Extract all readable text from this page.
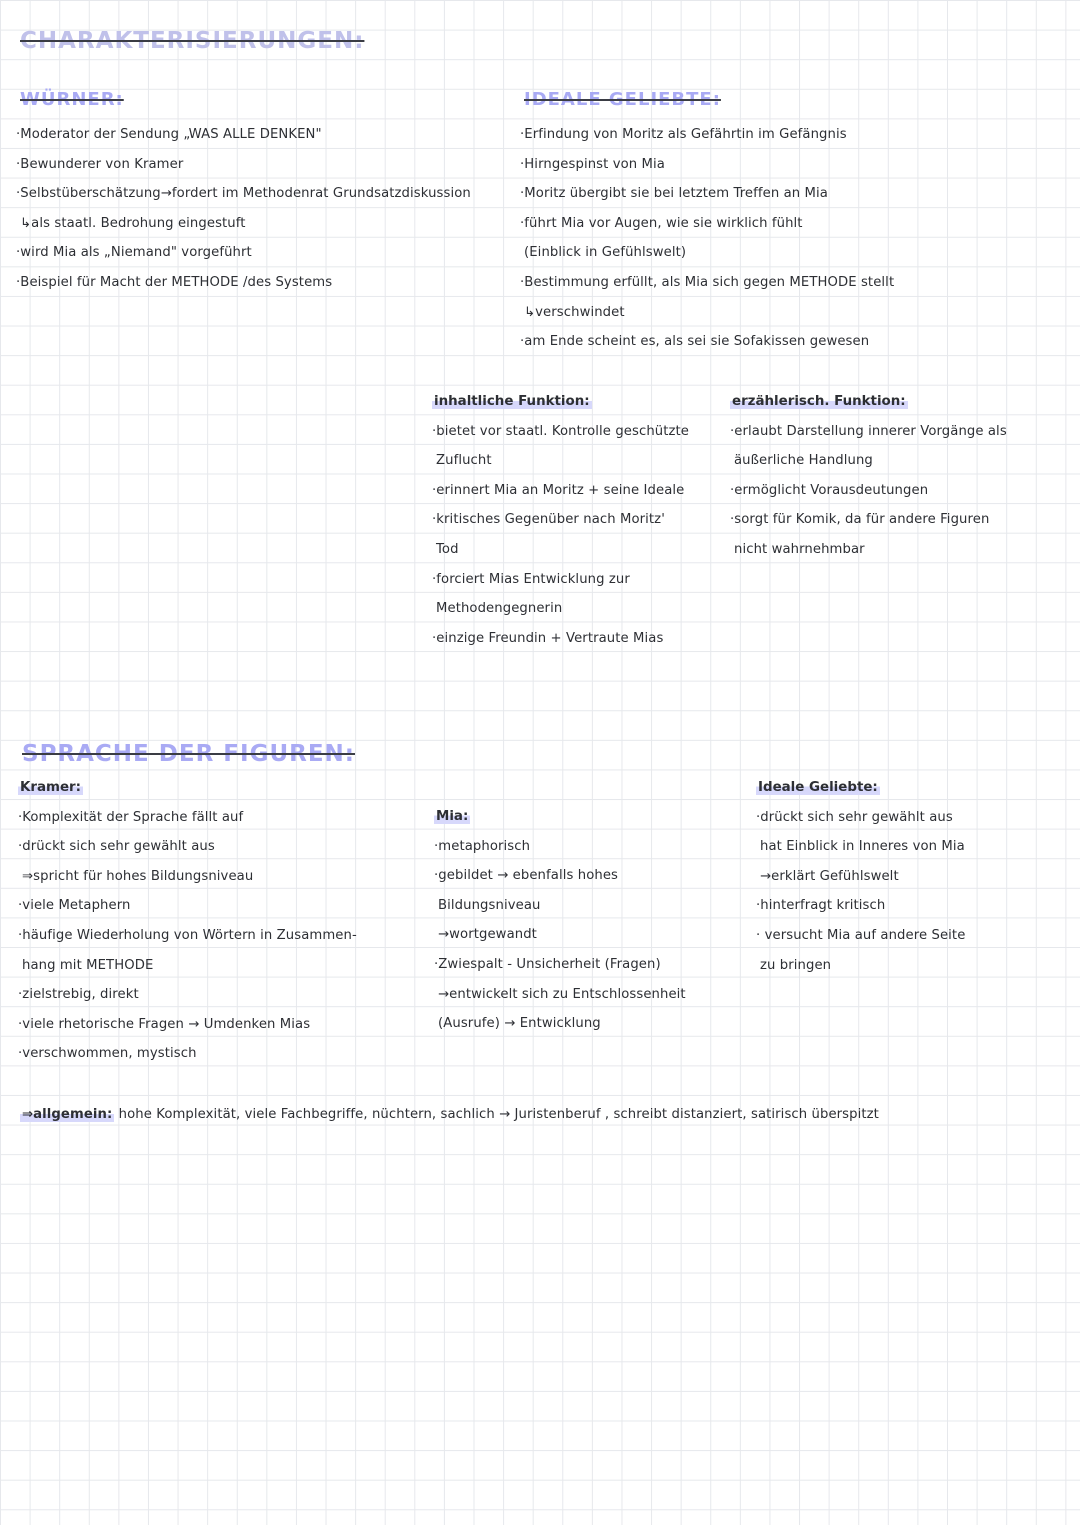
CHARAKTERISIERUNGEN:
WÜRNER:
·Moderator der Sendung „WAS ALLE DENKEN"
·Bewunderer von Kramer
·Selbstüberschätzung→fordert im Methodenrat Grundsatzdiskussion
↳als staatl. Bedrohung eingestuft
·wird Mia als „Niemand" vorgeführt
·Beispiel für Macht der METHODE /des Systems
IDEALE GELIEBTE:
·Erfindung von Moritz als Gefährtin im Gefängnis
·Hirngespinst von Mia
·Moritz übergibt sie bei letztem Treffen an Mia
·führt Mia vor Augen, wie sie wirklich fühlt
(Einblick in Gefühlswelt)
·Bestimmung erfüllt, als Mia sich gegen METHODE stellt
↳verschwindet
·am Ende scheint es, als sei sie Sofakissen gewesen
inhaltliche Funktion:
·bietet vor staatl. Kontrolle geschützte
Zuflucht
·erinnert Mia an Moritz + seine Ideale
·kritisches Gegenüber nach Moritz'
Tod
·forciert Mias Entwicklung zur
Methodengegnerin
·einzige Freundin + Vertraute Mias
erzählerisch. Funktion:
·erlaubt Darstellung innerer Vorgänge als
äußerliche Handlung
·ermöglicht Vorausdeutungen
·sorgt für Komik, da für andere Figuren
nicht wahrnehmbar
SPRACHE DER FIGUREN:
Kramer:
·Komplexität der Sprache fällt auf
·drückt sich sehr gewählt aus
⇒spricht für hohes Bildungsniveau
·viele Metaphern
·häufige Wiederholung von Wörtern in Zusammen-
hang mit METHODE
·zielstrebig, direkt
·viele rhetorische Fragen → Umdenken Mias
·verschwommen, mystisch
Mia:
·metaphorisch
·gebildet → ebenfalls hohes
Bildungsniveau
→wortgewandt
·Zwiespalt - Unsicherheit (Fragen)
→entwickelt sich zu Entschlossenheit
(Ausrufe) → Entwicklung
Ideale Geliebte:
·drückt sich sehr gewählt aus
hat Einblick in Inneres von Mia
→erklärt Gefühlswelt
·hinterfragt kritisch
· versucht Mia auf andere Seite
zu bringen
⇒allgemein: hohe Komplexität, viele Fachbegriffe, nüchtern, sachlich → Juristenberuf , schreibt distanziert, satirisch überspitzt
